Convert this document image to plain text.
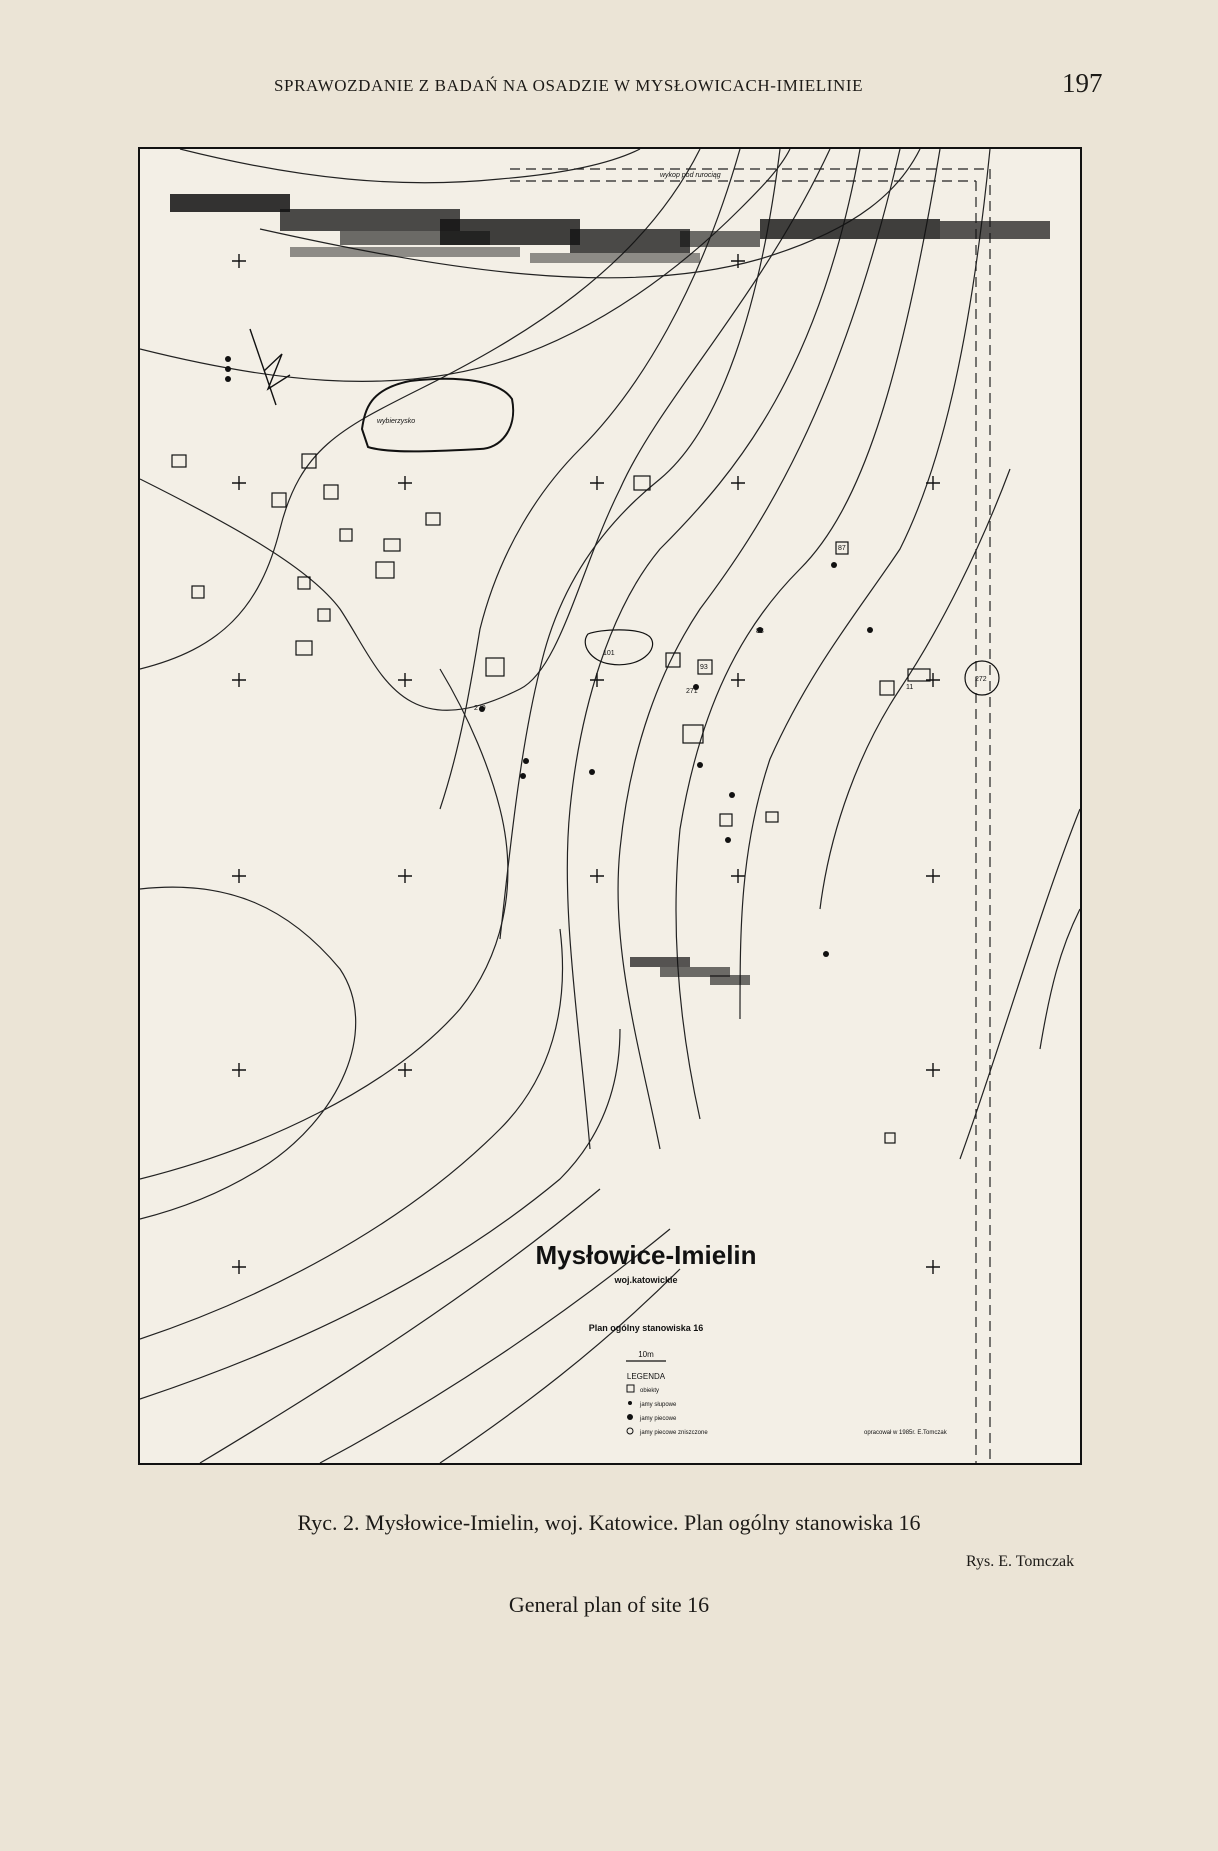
SPRAWOZDANIE Z BADAŃ NA OSADZIE W MYSŁOWICACH-IMIELINIE	197
wykop pod rurociąg
wybierzysko
101
272
270
271
93
87
88
11
Mysłowice-Imielin
woj.katowickie
Plan ogólny stanowiska 16
10m
LEGENDA
obiekty
jamy słupowe
jamy piecowe
jamy piecowe zniszczone	opracował w 1985r. E.Tomczak
Ryc. 2. Mysłowice-Imielin, woj. Katowice. Plan ogólny stanowiska 16
Rys. E. Tomczak
General plan of site 16
